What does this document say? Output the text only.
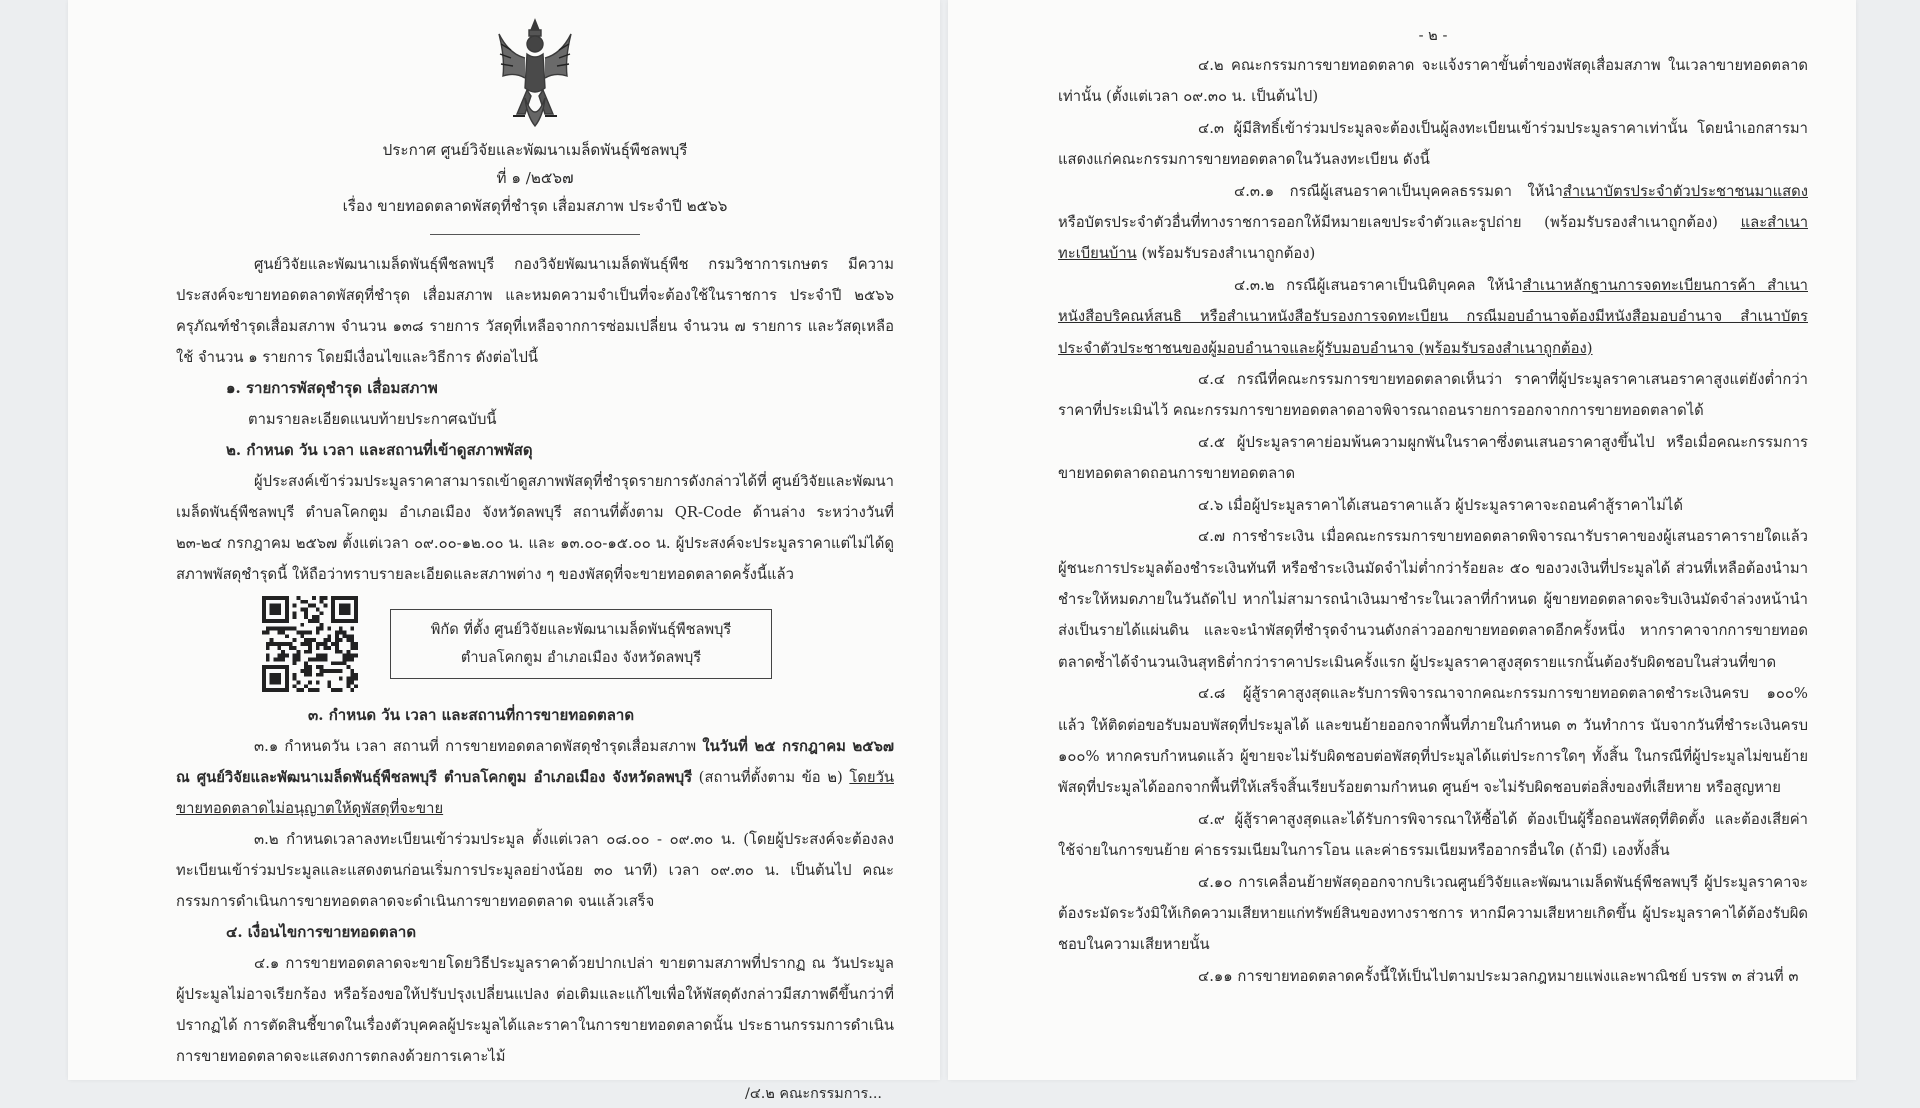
ประกาศ ศูนย์วิจัยและพัฒนาเมล็ดพันธุ์พืชลพบุรี

ที่ ๑ /๒๕๖๗

เรื่อง ขายทอดตลาดพัสดุที่ชำรุด เสื่อมสภาพ ประจำปี ๒๕๖๖

ศูนย์วิจัยและพัฒนาเมล็ดพันธุ์พืชลพบุรี กองวิจัยพัฒนาเมล็ดพันธุ์พืช กรมวิชาการเกษตร มีความประสงค์จะขายทอดตลาดพัสดุที่ชำรุด เสื่อมสภาพ และหมดความจำเป็นที่จะต้องใช้ในราชการ ประจำปี ๒๕๖๖ ครุภัณฑ์ชำรุดเสื่อมสภาพ จำนวน ๑๓๘ รายการ วัสดุที่เหลือจากการซ่อมเปลี่ยน จำนวน ๗ รายการ และวัสดุเหลือใช้ จำนวน ๑ รายการ โดยมีเงื่อนไขและวิธีการ ดังต่อไปนี้

๑. รายการพัสดุชำรุด เสื่อมสภาพ

ตามรายละเอียดแนบท้ายประกาศฉบับนี้

๒. กำหนด วัน เวลา และสถานที่เข้าดูสภาพพัสดุ

ผู้ประสงค์เข้าร่วมประมูลราคาสามารถเข้าดูสภาพพัสดุที่ชำรุดรายการดังกล่าวได้ที่ ศูนย์วิจัยและพัฒนาเมล็ดพันธุ์พืชลพบุรี ตำบลโคกตูม อำเภอเมือง จังหวัดลพบุรี สถานที่ตั้งตาม QR-Code ด้านล่าง ระหว่างวันที่ ๒๓-๒๔ กรกฎาคม ๒๕๖๗ ตั้งแต่เวลา ๐๙.๐๐-๑๒.๐๐ น. และ ๑๓.๐๐-๑๕.๐๐ น. ผู้ประสงค์จะประมูลราคาแต่ไม่ได้ดูสภาพพัสดุชำรุดนี้ ให้ถือว่าทราบรายละเอียดและสภาพต่าง ๆ ของพัสดุที่จะขายทอดตลาดครั้งนี้แล้ว

พิกัด ที่ตั้ง ศูนย์วิจัยและพัฒนาเมล็ดพันธุ์พืชลพบุรี

ตำบลโคกตูม อำเภอเมือง จังหวัดลพบุรี

๓. กำหนด วัน เวลา และสถานที่การขายทอดตลาด

๓.๑ กำหนดวัน เวลา สถานที่ การขายทอดตลาดพัสดุชำรุดเสื่อมสภาพ ในวันที่ ๒๕ กรกฎาคม ๒๕๖๗ ณ ศูนย์วิจัยและพัฒนาเมล็ดพันธุ์พืชลพบุรี ตำบลโคกตูม อำเภอเมือง จังหวัดลพบุรี (สถานที่ตั้งตาม ข้อ ๒) โดยวันขายทอดตลาดไม่อนุญาตให้ดูพัสดุที่จะขาย

๓.๒ กำหนดเวลาลงทะเบียนเข้าร่วมประมูล ตั้งแต่เวลา ๐๘.๐๐ - ๐๙.๓๐ น. (โดยผู้ประสงค์จะต้องลงทะเบียนเข้าร่วมประมูลและแสดงตนก่อนเริ่มการประมูลอย่างน้อย ๓๐ นาที) เวลา ๐๙.๓๐ น. เป็นต้นไป คณะกรรมการดำเนินการขายทอดตลาดจะดำเนินการขายทอดตลาด จนแล้วเสร็จ

๔. เงื่อนไขการขายทอดตลาด

๔.๑ การขายทอดตลาดจะขายโดยวิธีประมูลราคาด้วยปากเปล่า ขายตามสภาพที่ปรากฏ ณ วันประมูล ผู้ประมูลไม่อาจเรียกร้อง หรือร้องขอให้ปรับปรุงเปลี่ยนแปลง ต่อเติมและแก้ไขเพื่อให้พัสดุดังกล่าวมีสภาพดีขึ้นกว่าที่ปรากฏได้ การตัดสินชี้ขาดในเรื่องตัวบุคคลผู้ประมูลได้และราคาในการขายทอดตลาดนั้น ประธานกรรมการดำเนินการขายทอดตลาดจะแสดงการตกลงด้วยการเคาะไม้

/๔.๒ คณะกรรมการ...

- ๒ -

๔.๒ คณะกรรมการขายทอดตลาด จะแจ้งราคาขั้นต่ำของพัสดุเสื่อมสภาพ ในเวลาขายทอดตลาดเท่านั้น (ตั้งแต่เวลา ๐๙.๓๐ น. เป็นต้นไป)

๔.๓ ผู้มีสิทธิ์เข้าร่วมประมูลจะต้องเป็นผู้ลงทะเบียนเข้าร่วมประมูลราคาเท่านั้น โดยนำเอกสารมาแสดงแก่คณะกรรมการขายทอดตลาดในวันลงทะเบียน ดังนี้

๔.๓.๑ กรณีผู้เสนอราคาเป็นบุคคลธรรมดา ให้นำสำเนาบัตรประจำตัวประชาชนมาแสดง หรือบัตรประจำตัวอื่นที่ทางราชการออกให้มีหมายเลขประจำตัวและรูปถ่าย (พร้อมรับรองสำเนาถูกต้อง) และสำเนาทะเบียนบ้าน (พร้อมรับรองสำเนาถูกต้อง)

๔.๓.๒ กรณีผู้เสนอราคาเป็นนิติบุคคล ให้นำสำเนาหลักฐานการจดทะเบียนการค้า สำเนาหนังสือบริคณห์สนธิ หรือสำเนาหนังสือรับรองการจดทะเบียน กรณีมอบอำนาจต้องมีหนังสือมอบอำนาจ สำเนาบัตรประจำตัวประชาชนของผู้มอบอำนาจและผู้รับมอบอำนาจ (พร้อมรับรองสำเนาถูกต้อง)

๔.๔ กรณีที่คณะกรรมการขายทอดตลาดเห็นว่า ราคาที่ผู้ประมูลราคาเสนอราคาสูงแต่ยังต่ำกว่าราคาที่ประเมินไว้ คณะกรรมการขายทอดตลาดอาจพิจารณาถอนรายการออกจากการขายทอดตลาดได้

๔.๕ ผู้ประมูลราคาย่อมพ้นความผูกพันในราคาซึ่งตนเสนอราคาสูงขึ้นไป หรือเมื่อคณะกรรมการขายทอดตลาดถอนการขายทอดตลาด

๔.๖ เมื่อผู้ประมูลราคาได้เสนอราคาแล้ว ผู้ประมูลราคาจะถอนคำสู้ราคาไม่ได้

๔.๗ การชำระเงิน เมื่อคณะกรรมการขายทอดตลาดพิจารณารับราคาของผู้เสนอราคารายใดแล้ว ผู้ชนะการประมูลต้องชำระเงินทันที หรือชำระเงินมัดจำไม่ต่ำกว่าร้อยละ ๕๐ ของวงเงินที่ประมูลได้ ส่วนที่เหลือต้องนำมาชำระให้หมดภายในวันถัดไป หากไม่สามารถนำเงินมาชำระในเวลาที่กำหนด ผู้ขายทอดตลาดจะริบเงินมัดจำล่วงหน้านำส่งเป็นรายได้แผ่นดิน และจะนำพัสดุที่ชำรุดจำนวนดังกล่าวออกขายทอดตลาดอีกครั้งหนึ่ง หากราคาจากการขายทอดตลาดซ้ำได้จำนวนเงินสุทธิต่ำกว่าราคาประเมินครั้งแรก ผู้ประมูลราคาสูงสุดรายแรกนั้นต้องรับผิดชอบในส่วนที่ขาด

๔.๘ ผู้สู้ราคาสูงสุดและรับการพิจารณาจากคณะกรรมการขายทอดตลาดชำระเงินครบ ๑๐๐% แล้ว ให้ติดต่อขอรับมอบพัสดุที่ประมูลได้ และขนย้ายออกจากพื้นที่ภายในกำหนด ๓ วันทำการ นับจากวันที่ชำระเงินครบ ๑๐๐% หากครบกำหนดแล้ว ผู้ขายจะไม่รับผิดชอบต่อพัสดุที่ประมูลได้แต่ประการใดๆ ทั้งสิ้น ในกรณีที่ผู้ประมูลไม่ขนย้ายพัสดุที่ประมูลได้ออกจากพื้นที่ให้เสร็จสิ้นเรียบร้อยตามกำหนด ศูนย์ฯ จะไม่รับผิดชอบต่อสิ่งของที่เสียหาย หรือสูญหาย

๔.๙ ผู้สู้ราคาสูงสุดและได้รับการพิจารณาให้ซื้อได้ ต้องเป็นผู้รื้อถอนพัสดุที่ติดตั้ง และต้องเสียค่าใช้จ่ายในการขนย้าย ค่าธรรมเนียมในการโอน และค่าธรรมเนียมหรืออากรอื่นใด (ถ้ามี) เองทั้งสิ้น

๔.๑๐ การเคลื่อนย้ายพัสดุออกจากบริเวณศูนย์วิจัยและพัฒนาเมล็ดพันธุ์พืชลพบุรี ผู้ประมูลราคาจะต้องระมัดระวังมิให้เกิดความเสียหายแก่ทรัพย์สินของทางราชการ หากมีความเสียหายเกิดขึ้น ผู้ประมูลราคาได้ต้องรับผิดชอบในความเสียหายนั้น

๔.๑๑ การขายทอดตลาดครั้งนี้ให้เป็นไปตามประมวลกฎหมายแพ่งและพาณิชย์ บรรพ ๓ ส่วนที่ ๓
